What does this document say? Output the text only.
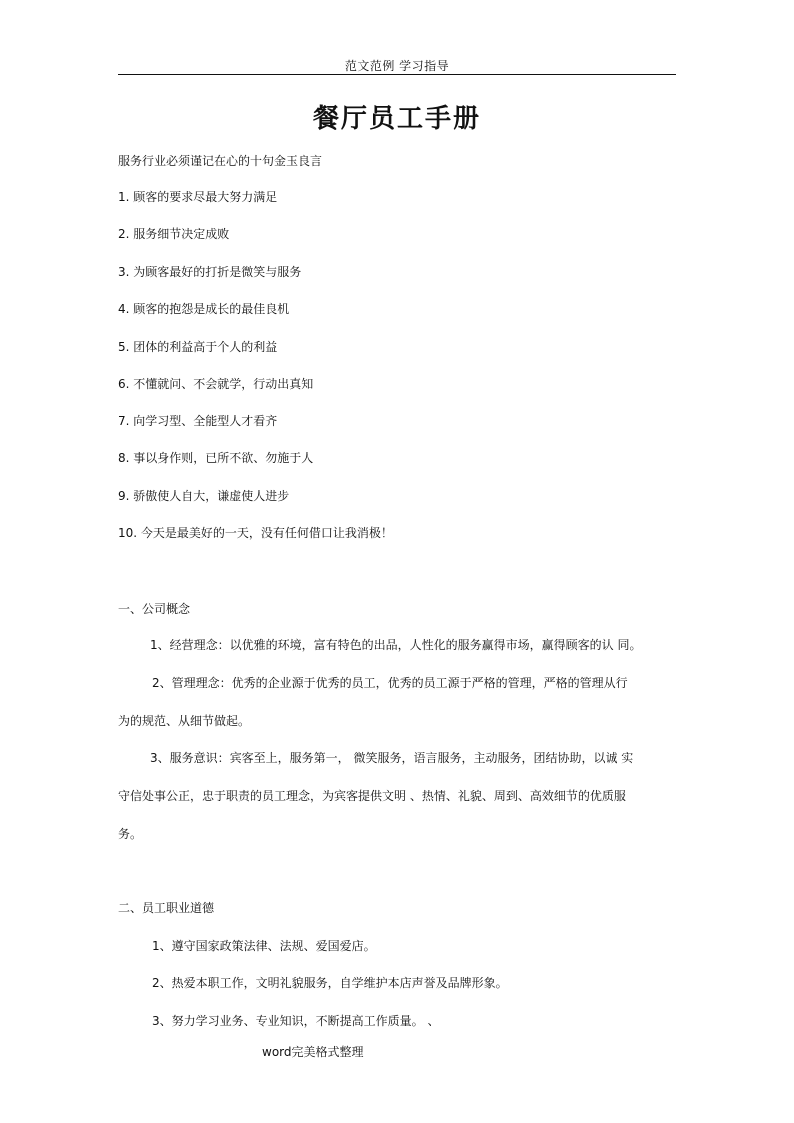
范文范例 学习指导
餐厅员工手册
服务行业必须谨记在心的十句金玉良言
1. 顾客的要求尽最大努力满足
2. 服务细节决定成败
3. 为顾客最好的打折是微笑与服务
4. 顾客的抱怨是成长的最佳良机
5. 团体的利益高于个人的利益
6. 不懂就问、不会就学，行动出真知
7. 向学习型、全能型人才看齐
8. 事以身作则，已所不欲、勿施于人
9. 骄傲使人自大，谦虚使人进步
10. 今天是最美好的一天，没有任何借口让我消极！
一、公司概念
1、经营理念：以优雅的环境，富有特色的出品，人性化的服务赢得市场，赢得顾客的认 同。
2、管理理念：优秀的企业源于优秀的员工，优秀的员工源于严格的管理，严格的管理从行
为的规范、从细节做起。
3、服务意识：宾客至上，服务第一， 微笑服务，语言服务，主动服务，团结协助，以诚 实
守信处事公正，忠于职责的员工理念，为宾客提供文明 、热情、礼貌、周到、高效细节的优质服
务。
二、员工职业道德
1、遵守国家政策法律、法规、爱国爱店。
2、热爱本职工作，文明礼貌服务，自学维护本店声誉及品牌形象。
3、努力学习业务、专业知识，不断提高工作质量。 、
word完美格式整理
